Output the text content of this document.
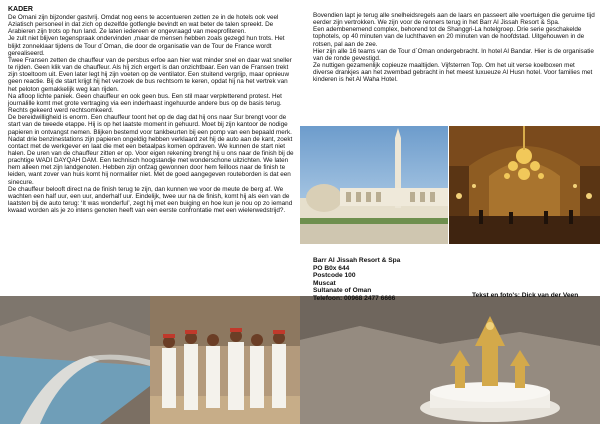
KADER

De Omani zijn bijzonder gastvrij. Omdat nog eens te accentueren zetten ze in de hotels ook veel Aziatisch personeel in dat zich op dezelfde gotfengle bevindt en wat beter de talen spreekt. De Arabieren zijn trots op hun land. Ze laten iedereen er ongevraagd van meeprofiteren.

Je zult niet blijven tegenspraak ondervinden ,maar de mensen hebben zoals gezegd hun trots. Het blijkt zonneklaar tijdens de Tour d´Oman, die door de organisatie van de Tour de France wordt gerealiseerd.

Twee Fransen zetten de chauffeur van de persbus erfoe aan hier wat minder snel en daar wat sneller te rijden. Geen klik van de chauffeur. Als hij zich ergert is dan onzichtbaar. Een van de Fransen trekt zijn stoeltoom uit. Even later legt hij zijn voeten op de ventilator. Een stuitend vergrijp, maar opnieuw geen reactie. Bij de start krijgt hij het verzoek de bus rechtsom te keren, opdat hij na het vertrek van het peloton gemakkelijk weg kan rijden.

Na afloop lichte paniek. Geen chauffeur en ook geen bus. Een stil maar verpletterend protest. Het journalille komt met grote vertraging via een inderhaast ingehuurde andere bus op de basis terug. Rechts gekeerd werd rechtsomkeerd.

De bereidwilligheid is enorm. Een chauffeur toont het op de dag dat hij ons naar Sur brengt voor de start van de tweede etappe. Hij is op het laatste moment in gehuurd. Moet bij zijn kantoor de nodige papieren in ontvangst nemen. Blijken bestemd voor tankbeurten bij een pomp van een bepaald merk. Nadat drie benzinestations zijn papieren ongeldig hebben verklaard zet hij de auto aan de kant, zoekt contact met de werkgever en laat die met een betaalpas komen opdraven. We kunnen de start niet halen. De uren van de chauffeur zitten er op. Voor eigen rekening brengt hij u ons naar de finish bij de prachtige WADI DAYQAH DAM. Een technisch hoogstandje met wonderschone uitzichten. We laten hem alleen met zijn landgenoten. Hebben zijn onfzag gewonnen door hem feilloos naar de finish te leiden, want zover van huis komt hij normaliter niet. Met de goed aangegeven routeborden is dat een sinecure.

De chauffeur belooft direct na de finish terug te zijn, dan kunnen we voor de meute de berg af. We wachten een half uur, een uur, anderhalf uur. Eindelijk, twee uur na de finish, komt hij als een van de laatsten bij de auto terug: ‘It was wonderful’, zegt hij met een buiging en hoe kun je nou op zo iemand kwaad worden als je zo intens genoten heeft van een eerste confrontatie met een wielerwedstrijd?.

Bovendien lapt je terug alle snelheidsregels aan de laars en passeert alle voertuigen die geruime tijd eerder zijn vertrokken. We zijn voor de renners terug in het Barr Al Jissah Resort & Spa.

Een adembenemend complex, behorend tot de Shanggri-La hotelgroep. Drie serie geschakelde tophotels, op 40 minuten van de luchthaven en 20 minuten van de hoofdstad. Uitgehouwen in de rotsen, pal aan de zee.

Hier zijn alle 16 teams van de Tour d´Oman ondergebracht. In hotel Al Bandar. Hier is de organisatie van de ronde gevestigd.

Ze nuttigen gezamenlijk copieuze maaltijden. Vijfsterren Top. Om het uit verse koelboxen met diverse drankjes aan het zwembad gebracht in het meest luxueuze Al Husn hotel. Voor families met kinderen is het Al Waha Hotel.

Barr Al Jissah Resort & Spa

PO B0x 644

Postcode 100

Muscat

Sultanate of Oman

Telefoon: 00968 2477 6666	Tekst en foto's: Dick van der Veen
